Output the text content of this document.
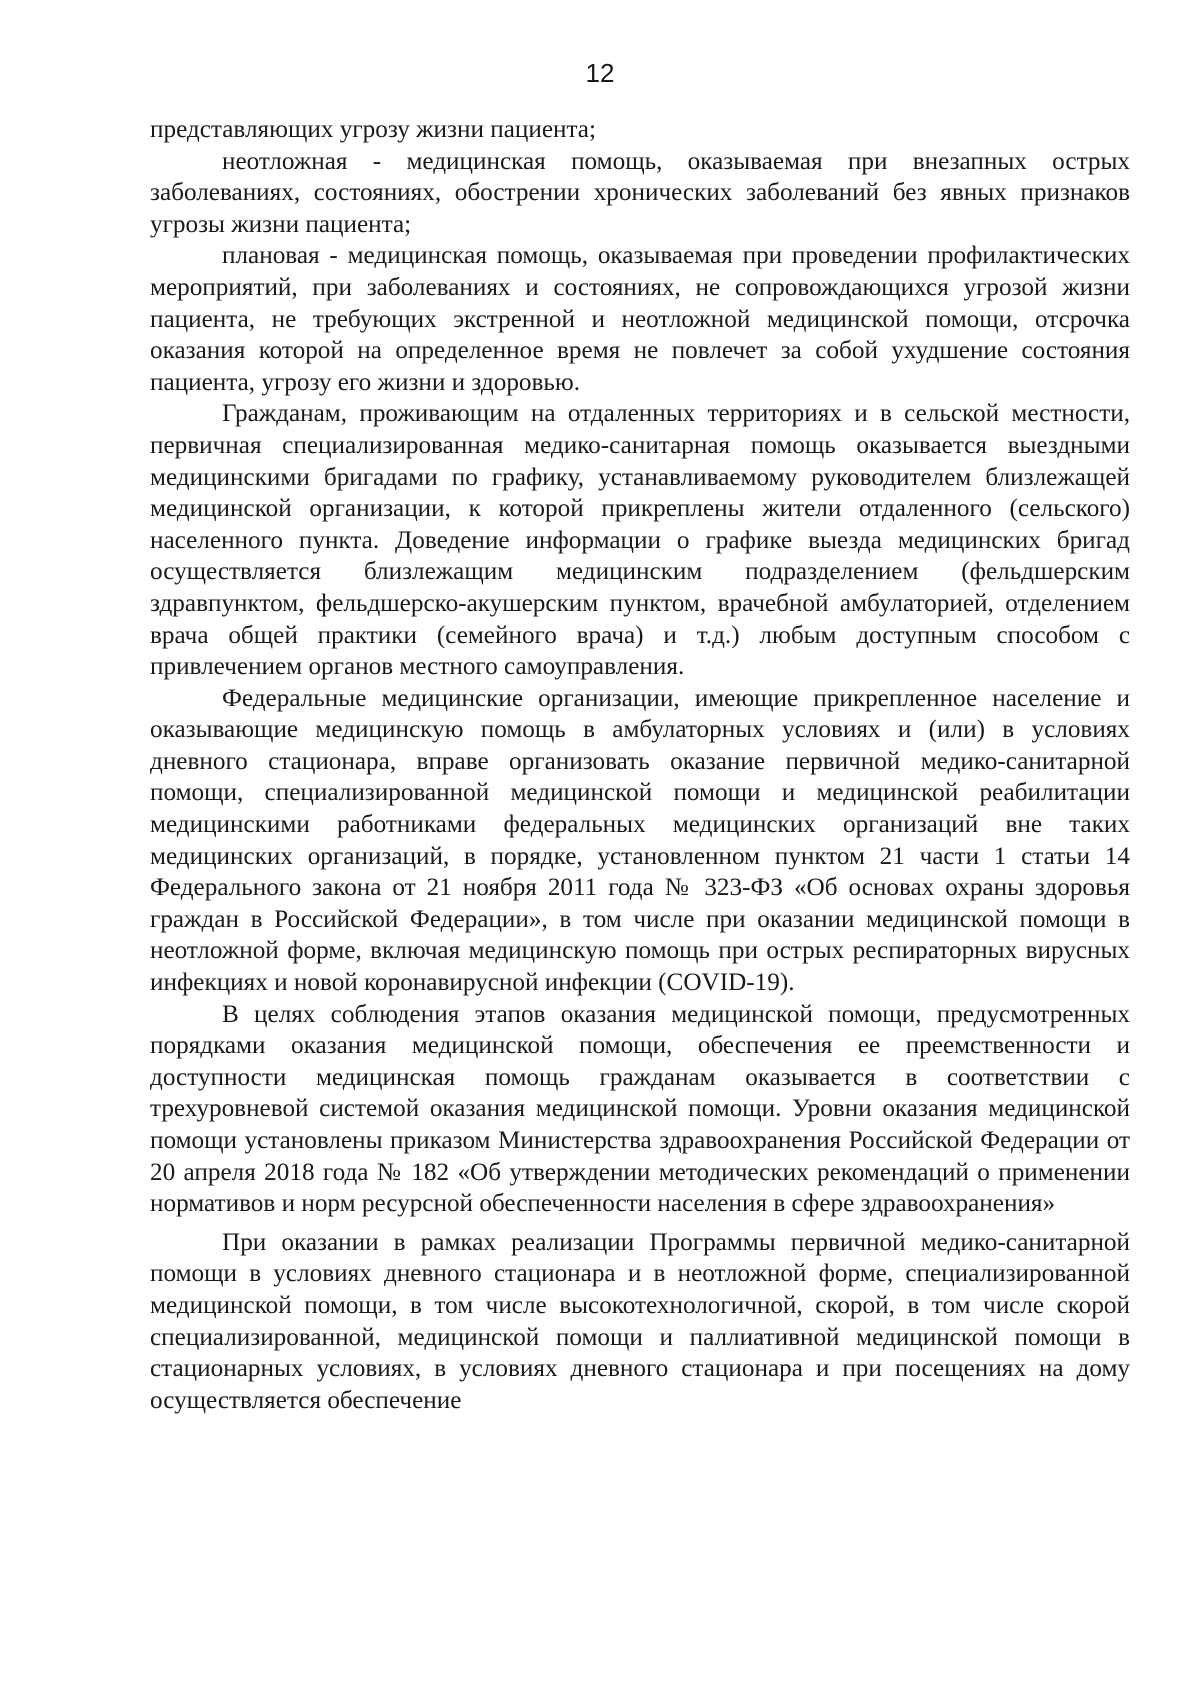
12

представляющих угрозу жизни пациента;

неотложная - медицинская помощь, оказываемая при внезапных острых заболеваниях, состояниях, обострении хронических заболеваний без явных признаков угрозы жизни пациента;

плановая - медицинская помощь, оказываемая при проведении профилактических мероприятий, при заболеваниях и состояниях, не сопровождающихся угрозой жизни пациента, не требующих экстренной и неотложной медицинской помощи, отсрочка оказания которой на определенное время не повлечет за собой ухудшение состояния пациента, угрозу его жизни и здоровью.

Гражданам, проживающим на отдаленных территориях и в сельской местности, первичная специализированная медико-санитарная помощь оказывается выездными медицинскими бригадами по графику, устанавливаемому руководителем близлежащей медицинской организации, к которой прикреплены жители отдаленного (сельского) населенного пункта. Доведение информации о графике выезда медицинских бригад осуществляется близлежащим медицинским подразделением (фельдшерским здравпунктом, фельдшерско-акушерским пунктом, врачебной амбулаторией, отделением врача общей практики (семейного врача) и т.д.) любым доступным способом с привлечением органов местного самоуправления.

Федеральные медицинские организации, имеющие прикрепленное население и оказывающие медицинскую помощь в амбулаторных условиях и (или) в условиях дневного стационара, вправе организовать оказание первичной медико-санитарной помощи, специализированной медицинской помощи и медицинской реабилитации медицинскими работниками федеральных медицинских организаций вне таких медицинских организаций, в порядке, установленном пунктом 21 части 1 статьи 14 Федерального закона от 21 ноября 2011 года № 323-ФЗ «Об основах охраны здоровья граждан в Российской Федерации», в том числе при оказании медицинской помощи в неотложной форме, включая медицинскую помощь при острых респираторных вирусных инфекциях и новой коронавирусной инфекции (COVID-19).

В целях соблюдения этапов оказания медицинской помощи, предусмотренных порядками оказания медицинской помощи, обеспечения ее преемственности и доступности медицинская помощь гражданам оказывается в соответствии с трехуровневой системой оказания медицинской помощи. Уровни оказания медицинской помощи установлены приказом Министерства здравоохранения Российской Федерации от 20 апреля 2018 года № 182 «Об утверждении методических рекомендаций о применении нормативов и норм ресурсной обеспеченности населения в сфере здравоохранения»

При оказании в рамках реализации Программы первичной медико-санитарной помощи в условиях дневного стационара и в неотложной форме, специализированной медицинской помощи, в том числе высокотехнологичной, скорой, в том числе скорой специализированной, медицинской помощи и паллиативной медицинской помощи в стационарных условиях, в условиях дневного стационара и при посещениях на дому осуществляется обеспечение
